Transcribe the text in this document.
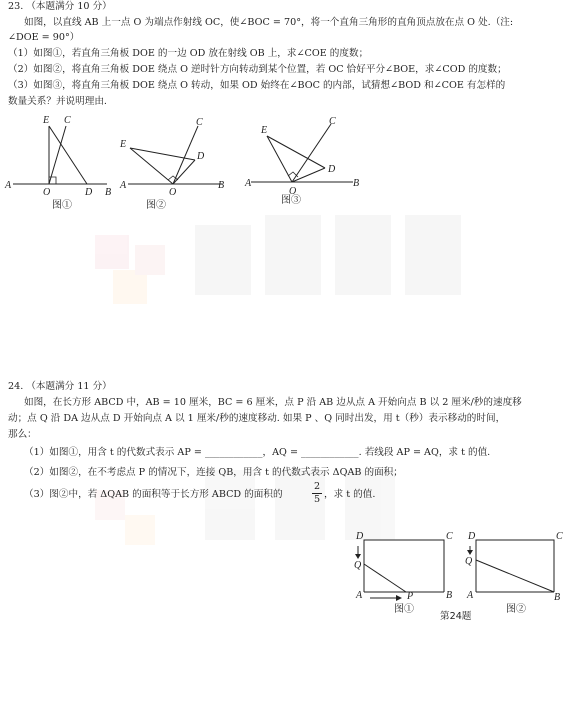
23. （本题满分 10 分）
如图，以直线 AB 上一点 O 为端点作射线 OC，使∠BOC = 70°，将一个直角三角形的直角顶点放在点 O 处.（注:
∠DOE = 90°）
（1）如图①，若直角三角板 DOE 的一边 OD 放在射线 OB 上，求∠COE 的度数；
（2）如图②，将直角三角板 DOE 绕点 O 逆时针方向转动到某个位置，若 OC 恰好平分∠BOE，求∠COD 的度数；
（3）如图③，将直角三角板 DOE 绕点 O 转动，如果 OD 始终在∠BOC 的内部，试猜想∠BOD 和∠COE 有怎样的
数量关系？并说明理由.
E C
A
O	D B
图①
E
C
D
A
O
B
图②
E
C
D
A
O
B
图③
24. （本题满分 11 分）
如图，在长方形 ABCD 中，AB = 10 厘米，BC = 6 厘米，点 P 沿 AB 边从点 A 开始向点 B 以 2 厘米/秒的速度移
动；点 Q 沿 DA 边从点 D 开始向点 A 以 1 厘米/秒的速度移动. 如果 P 、Q 同时出发，用 t（秒）表示移动的时间，
那么：
（1）如图①，用含 t 的代数式表示 AP = ____________，AQ = ____________. 若线段 AP = AQ，求 t 的值.
（2）如图②，在不考虑点 P 的情况下，连接 QB，用含 t 的代数式表示 ΔQAB 的面积；
（3）图②中，若 ΔQAB 的面积等于长方形 ABCD 的面积的	$\frac{2}{5}$ ，求 t 的值.
D	C
Q
A	P	B
图①
第24题
D	C
Q
A	B
图②
